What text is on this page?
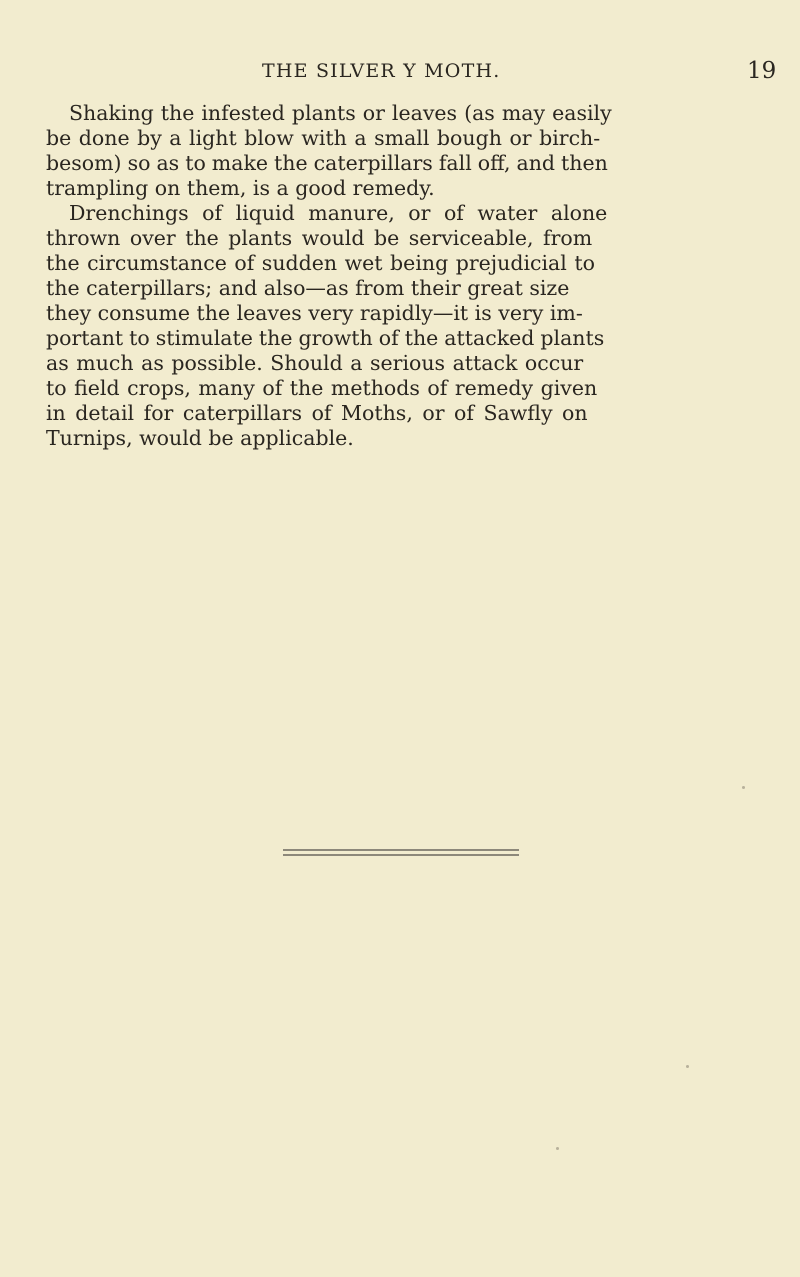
THE SILVER Y MOTH.	19
Shaking the infested plants or leaves (as may easily
be done by a light blow with a small bough or birch-
besom) so as to make the caterpillars fall off, and then
trampling on them, is a good remedy.
Drenchings of liquid manure, or of water alone
thrown over the plants would be serviceable, from
the circumstance of sudden wet being prejudicial to
the caterpillars; and also—as from their great size
they consume the leaves very rapidly—it is very im-
portant to stimulate the growth of the attacked plants
as much as possible. Should a serious attack occur
to field crops, many of the methods of remedy given
in detail for caterpillars of Moths, or of Sawfly on
Turnips, would be applicable.
